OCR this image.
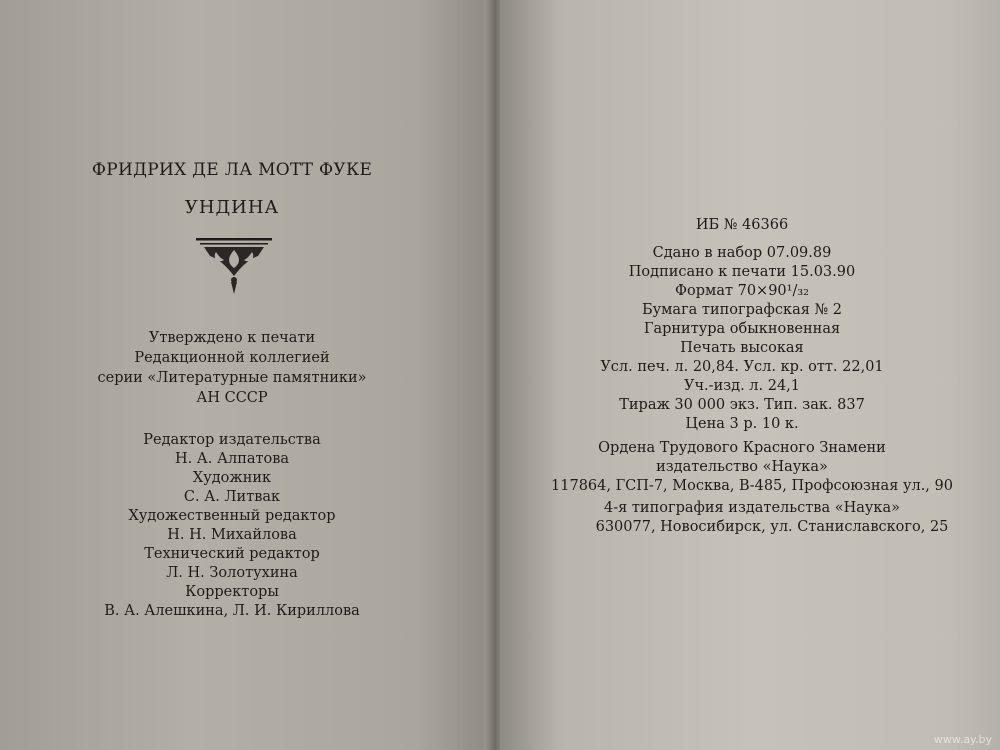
ФРИДРИХ ДЕ ЛА МОТТ ФУКЕ
УНДИНА
Утверждено к печати
Редакционной коллегией
серии «Литературные памятники»
АН СССР
Редактор издательства
Н. А. Алпатова
Художник
С. А. Литвак
Художественный редактор
Н. Н. Михайлова
Технический редактор
Л. Н. Золотухина
Корректоры
В. А. Алешкина, Л. И. Кириллова
ИБ № 46366
Сдано в набор 07.09.89
Подписано к печати 15.03.90
Формат 70×90¹/₃₂
Бумага типографская № 2
Гарнитура обыкновенная
Печать высокая
Усл. печ. л. 20,84. Усл. кр. отт. 22,01
Уч.-изд. л. 24,1
Тираж 30 000 экз. Тип. зак. 837
Цена 3 р. 10 к.
Ордена Трудового Красного Знамени
издательство «Наука»
117864, ГСП-7, Москва, В-485, Профсоюзная ул., 90
4-я типография издательства «Наука»
630077, Новосибирск, ул. Станиславского, 25
www.ay.by
